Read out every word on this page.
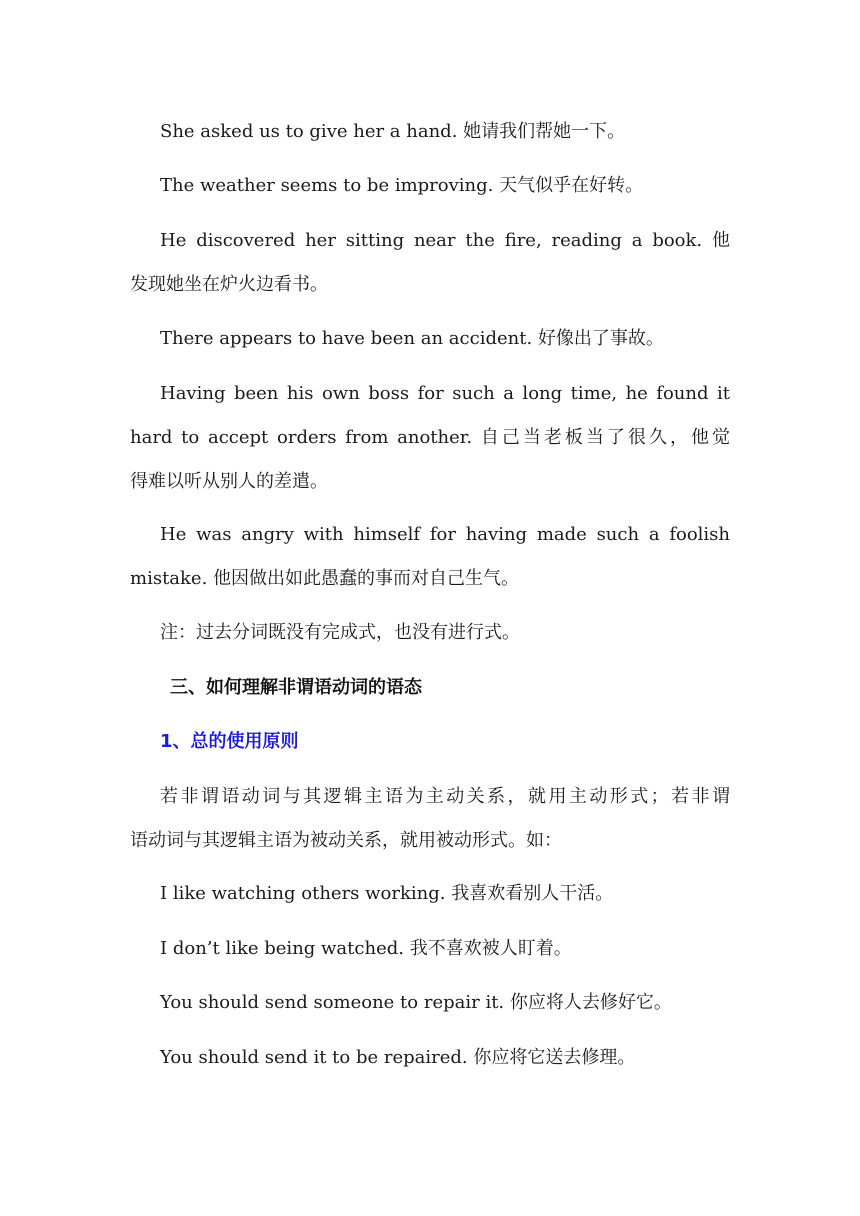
She asked us to give her a hand. 她请我们帮她一下。

The weather seems to be improving. 天气似乎在好转。

He discovered her sitting near the fire, reading a book. 他

发现她坐在炉火边看书。

There appears to have been an accident. 好像出了事故。

Having been his own boss for such a long time, he found it

hard to accept orders from another. 自己当老板当了很久，他觉

得难以听从别人的差遣。

He was angry with himself for having made such a foolish

mistake. 他因做出如此愚蠢的事而对自己生气。

注：过去分词既没有完成式，也没有进行式。

三、如何理解非谓语动词的语态
1、总的使用原则

若非谓语动词与其逻辑主语为主动关系，就用主动形式；若非谓

语动词与其逻辑主语为被动关系，就用被动形式。如：

I like watching others working. 我喜欢看别人干活。

I don’t like being watched. 我不喜欢被人盯着。

You should send someone to repair it. 你应将人去修好它。

You should send it to be repaired. 你应将它送去修理。
